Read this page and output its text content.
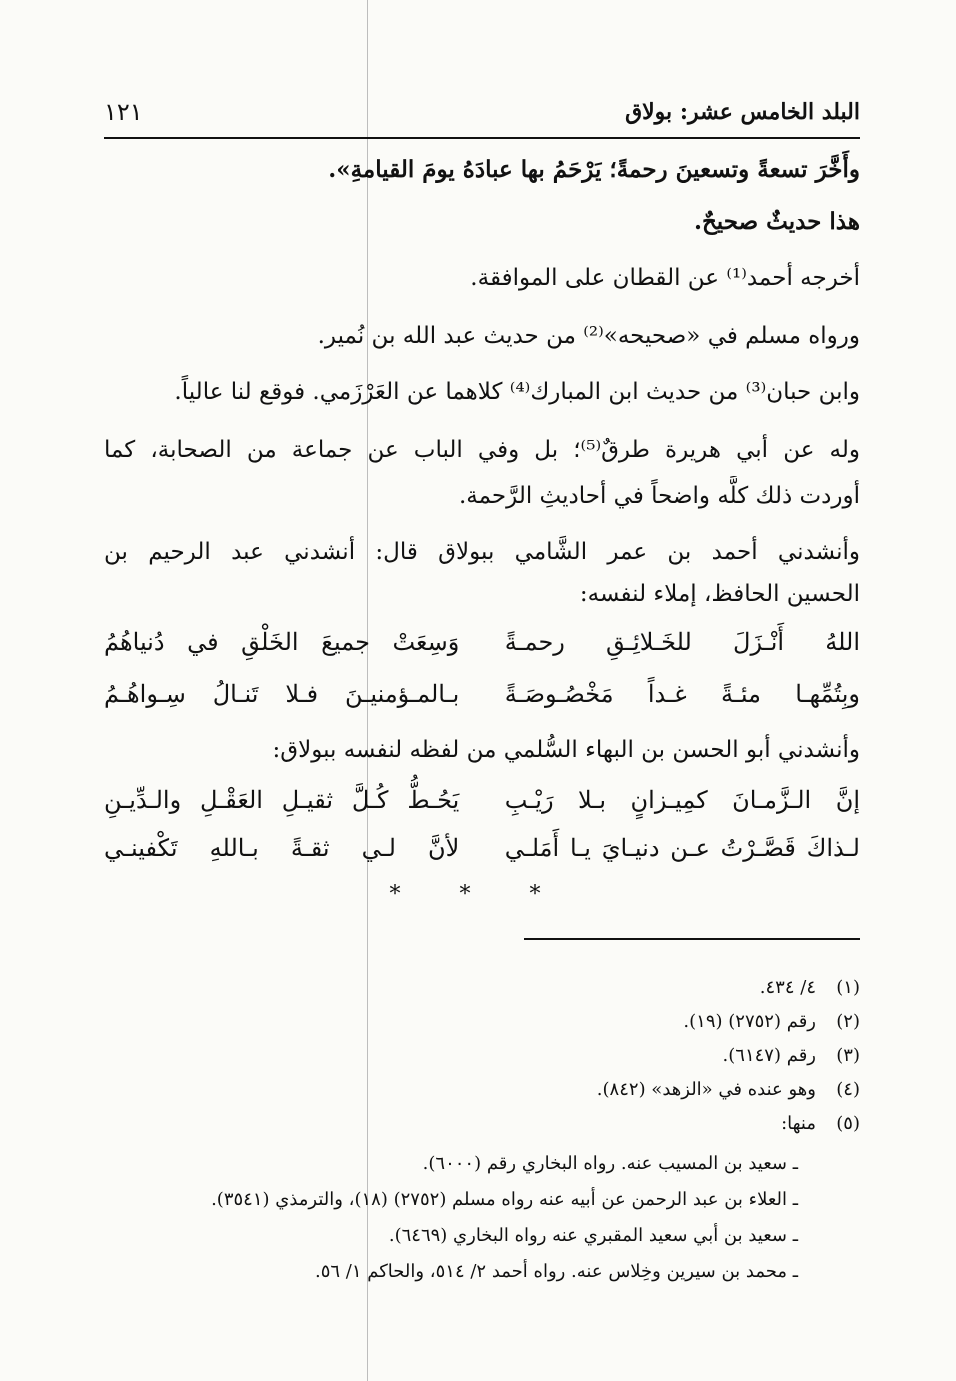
البلد الخامس عشر: بولاق
١٢١
وأَخَّرَ تسعةً وتسعينَ رحمةً؛ يَرْحَمُ بها عبادَهُ يومَ القيامةِ».
هذا حديثٌ صحيحٌ.
أخرجه أحمد⁽¹⁾ عن القطان على الموافقة.
ورواه مسلم في «صحيحه»⁽²⁾ من حديث عبد الله بن نُمير.
وابن حبان⁽³⁾ من حديث ابن المبارك⁽⁴⁾ كلاهما عن العَرْزَمي. فوقع لنا عالياً.
وله عن أبي هريرة طرقٌ⁽⁵⁾؛ بل وفي الباب عن جماعة من الصحابة، كما
أوردت ذلك كلَّه واضحاً في أحاديثِ الرَّحمة.
وأنشدني أحمد بن عمر الشَّامي ببولاق قال: أنشدني عبد الرحيم بن
الحسين الحافظ، إملاء لنفسه:
اللهُ أَنْـزَلَ للخَـلائِـقِ رحمـةً
وَسِعَتْ جميعَ الخَلْقِ في دُنياهُمُ
وبِتُمِّهـا مئـةً غـداً مَخْصُـوصَـةً
بـالمـؤمنيـنَ فـلا تَنـالُ سِـواهُـمُ
وأنشدني أبو الحسن بن البهاء السُّلمي من لفظه لنفسه ببولاق:
إنَّ الـزَّمـانَ كمِيـزانٍ بـلا رَيْـبِ
يَحُـطُّ كُـلَّ ثقيـلِ العَقْـلِ والـدِّيـنِ
لـذاكَ قَصَّـرْتُ عـن دنيـايَ يـا أَمَلـي
لأنَّ لـي ثقـةً بـاللهِ تَكْفينـي
* * *
(١)
٤/ ٤٣٤.
(٢)
رقم (٢٧٥٢) (١٩).
(٣)
رقم (٦١٤٧).
(٤)
وهو عنده في «الزهد» (٨٤٢).
(٥)
منها:
ـ سعيد بن المسيب عنه. رواه البخاري رقم (٦٠٠٠).
ـ العلاء بن عبد الرحمن عن أبيه عنه رواه مسلم (٢٧٥٢) (١٨)، والترمذي (٣٥٤١).
ـ سعيد بن أبي سعيد المقبري عنه رواه البخاري (٦٤٦٩).
ـ محمد بن سيرين وخِلاس عنه. رواه أحمد ٢/ ٥١٤، والحاكم ١/ ٥٦.
